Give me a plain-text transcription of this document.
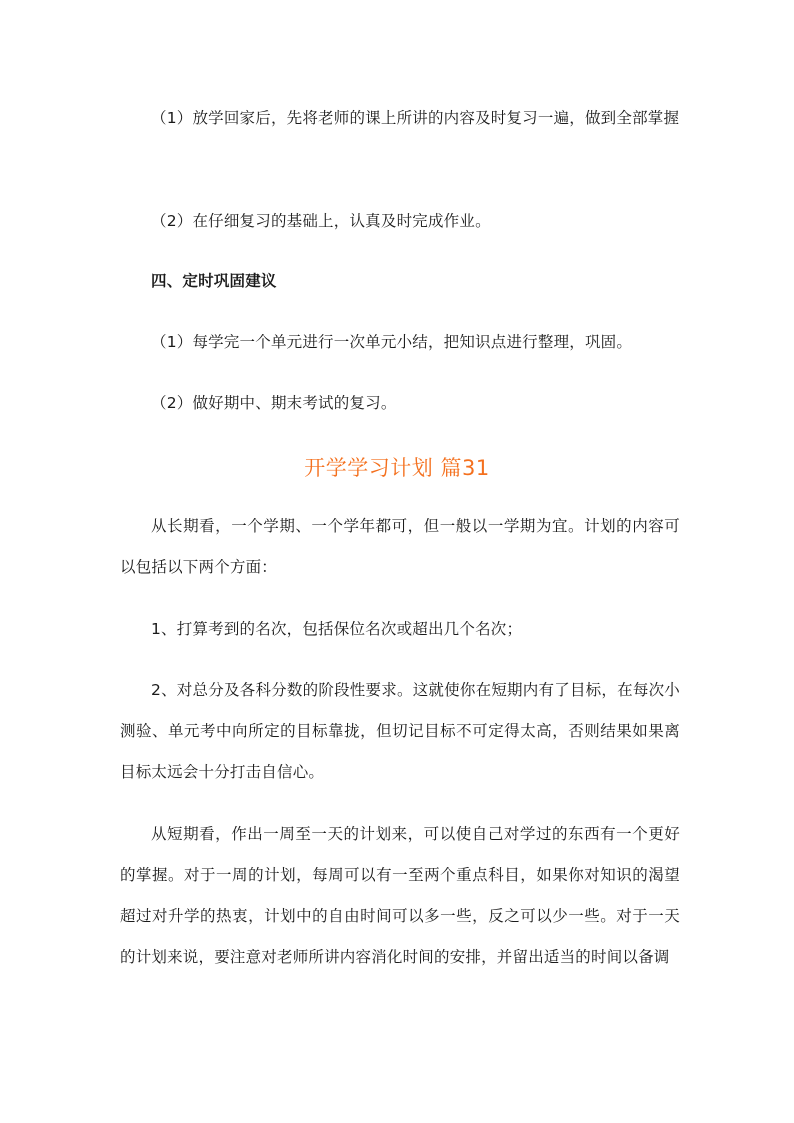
（1）放学回家后，先将老师的课上所讲的内容及时复习一遍，做到全部掌握

（2）在仔细复习的基础上，认真及时完成作业。

四、定时巩固建议

（1）每学完一个单元进行一次单元小结，把知识点进行整理，巩固。

（2）做好期中、期末考试的复习。

开学学习计划 篇31

从长期看，一个学期、一个学年都可，但一般以一学期为宜。计划的内容可以包括以下两个方面：

1、打算考到的名次，包括保位名次或超出几个名次；

2、对总分及各科分数的阶段性要求。这就使你在短期内有了目标，在每次小测验、单元考中向所定的目标靠拢，但切记目标不可定得太高，否则结果如果离目标太远会十分打击自信心。

从短期看，作出一周至一天的计划来，可以使自己对学过的东西有一个更好的掌握。对于一周的计划，每周可以有一至两个重点科目，如果你对知识的渴望超过对升学的热衷，计划中的自由时间可以多一些，反之可以少一些。对于一天的计划来说，要注意对老师所讲内容消化时间的安排，并留出适当的时间以备调
